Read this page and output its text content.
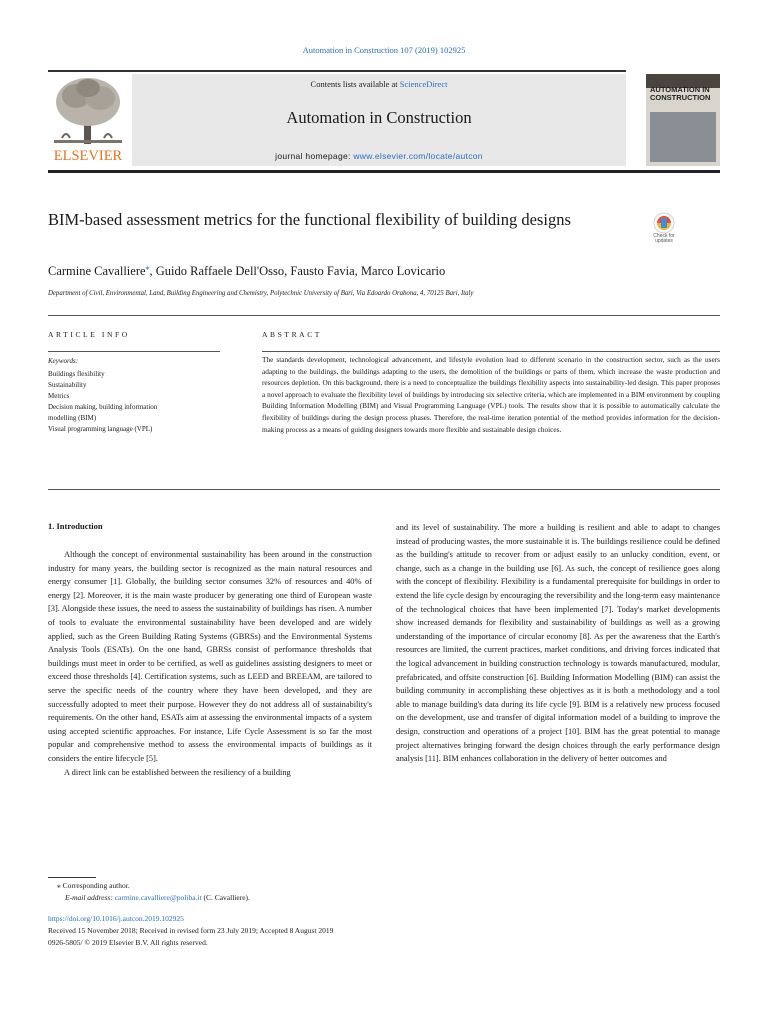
Automation in Construction 107 (2019) 102925
ELSEVIER
Contents lists available at ScienceDirect
Automation in Construction
journal homepage: www.elsevier.com/locate/autcon
AUTOMATION IN CONSTRUCTION
BIM-based assessment metrics for the functional flexibility of building designs
Check for updates
Carmine Cavalliere⁎, Guido Raffaele Dell'Osso, Fausto Favia, Marco Lovicario
Department of Civil, Environmental, Land, Building Engineering and Chemistry, Polytechnic University of Bari, Via Edoardo Orabona, 4, 70125 Bari, Italy
ARTICLE INFO	ABSTRACT
Keywords:
Buildings flexibility
Sustainability
Metrics
Decision making, building information
modelling (BIM)
Visual programming language (VPL)
The standards development, technological advancement, and lifestyle evolution lead to different scenario in the construction sector, such as the users adapting to the buildings, the buildings adapting to the users, the demolition of the buildings or parts of them, which increase the waste production and resources depletion. On this background, there is a need to conceptualize the buildings flexibility aspects into sustainability-led design. This paper proposes a novel approach to evaluate the flexibility level of buildings by introducing six selective criteria, which are implemented in a BIM environment by coupling Building Information Modelling (BIM) and Visual Programming Language (VPL) tools. The results show that it is possible to automatically calculate the flexibility of buildings during the design process phases. Therefore, the real-time iteration potential of the method provides information for the decision-making process as a means of guiding designers towards more flexible and sustainable design choices.
1. Introduction

Although the concept of environmental sustainability has been around in the construction industry for many years, the building sector is recognized as the main natural resources and energy consumer [1]. Globally, the building sector consumes 32% of resources and 40% of energy [2]. Moreover, it is the main waste producer by generating one third of European waste [3]. Alongside these issues, the need to assess the sustainability of buildings has risen. A number of tools to evaluate the environmental sustainability have been developed and are widely applied, such as the Green Building Rating Systems (GBRSs) and the Environmental Systems Analysis Tools (ESATs). On the one hand, GBRSs consist of performance thresholds that buildings must meet in order to be certified, as well as guidelines assisting designers to meet or exceed those thresholds [4]. Certification systems, such as LEED and BREEAM, are tailored to serve the specific needs of the country where they have been developed, and they are successfully adopted to meet their purpose. However they do not address all of sustainability's requirements. On the other hand, ESATs aim at assessing the environmental impacts of a system using accepted scientific approaches. For instance, Life Cycle Assessment is so far the most popular and comprehensive method to assess the environmental impacts of buildings as it considers the entire lifecycle [5].

A direct link can be established between the resiliency of a building

and its level of sustainability. The more a building is resilient and able to adapt to changes instead of producing wastes, the more sustainable it is. The buildings resilience could be defined as the building's attitude to recover from or adjust easily to an unlucky condition, event, or change, such as a change in the building use [6]. As such, the concept of resilience goes along with the concept of flexibility. Flexibility is a fundamental prerequisite for buildings in order to extend the life cycle design by encouraging the reversibility and the long-term easy maintenance of the technological choices that have been implemented [7]. Today's market developments show increased demands for flexibility and sustainability of buildings as well as a growing understanding of the importance of circular economy [8]. As per the awareness that the Earth's resources are limited, the current practices, market conditions, and driving forces indicated that the logical advancement in building construction technology is towards manufactured, modular, prefabricated, and offsite construction [6]. Building Information Modelling (BIM) can assist the building community in accomplishing these objectives as it is both a methodology and a tool able to manage building's data during its life cycle [9]. BIM is a relatively new process focused on the development, use and transfer of digital information model of a building to improve the design, construction and operations of a project [10]. BIM has the great potential to manage project alternatives bringing forward the design choices through the early performance design analysis [11]. BIM enhances collaboration in the delivery of better outcomes and

⁎ Corresponding author.
E-mail address: carmine.cavalliere@poliba.it (C. Cavalliere).
https://doi.org/10.1016/j.autcon.2019.102925
Received 15 November 2018; Received in revised form 23 July 2019; Accepted 8 August 2019
0926-5805/ © 2019 Elsevier B.V. All rights reserved.
